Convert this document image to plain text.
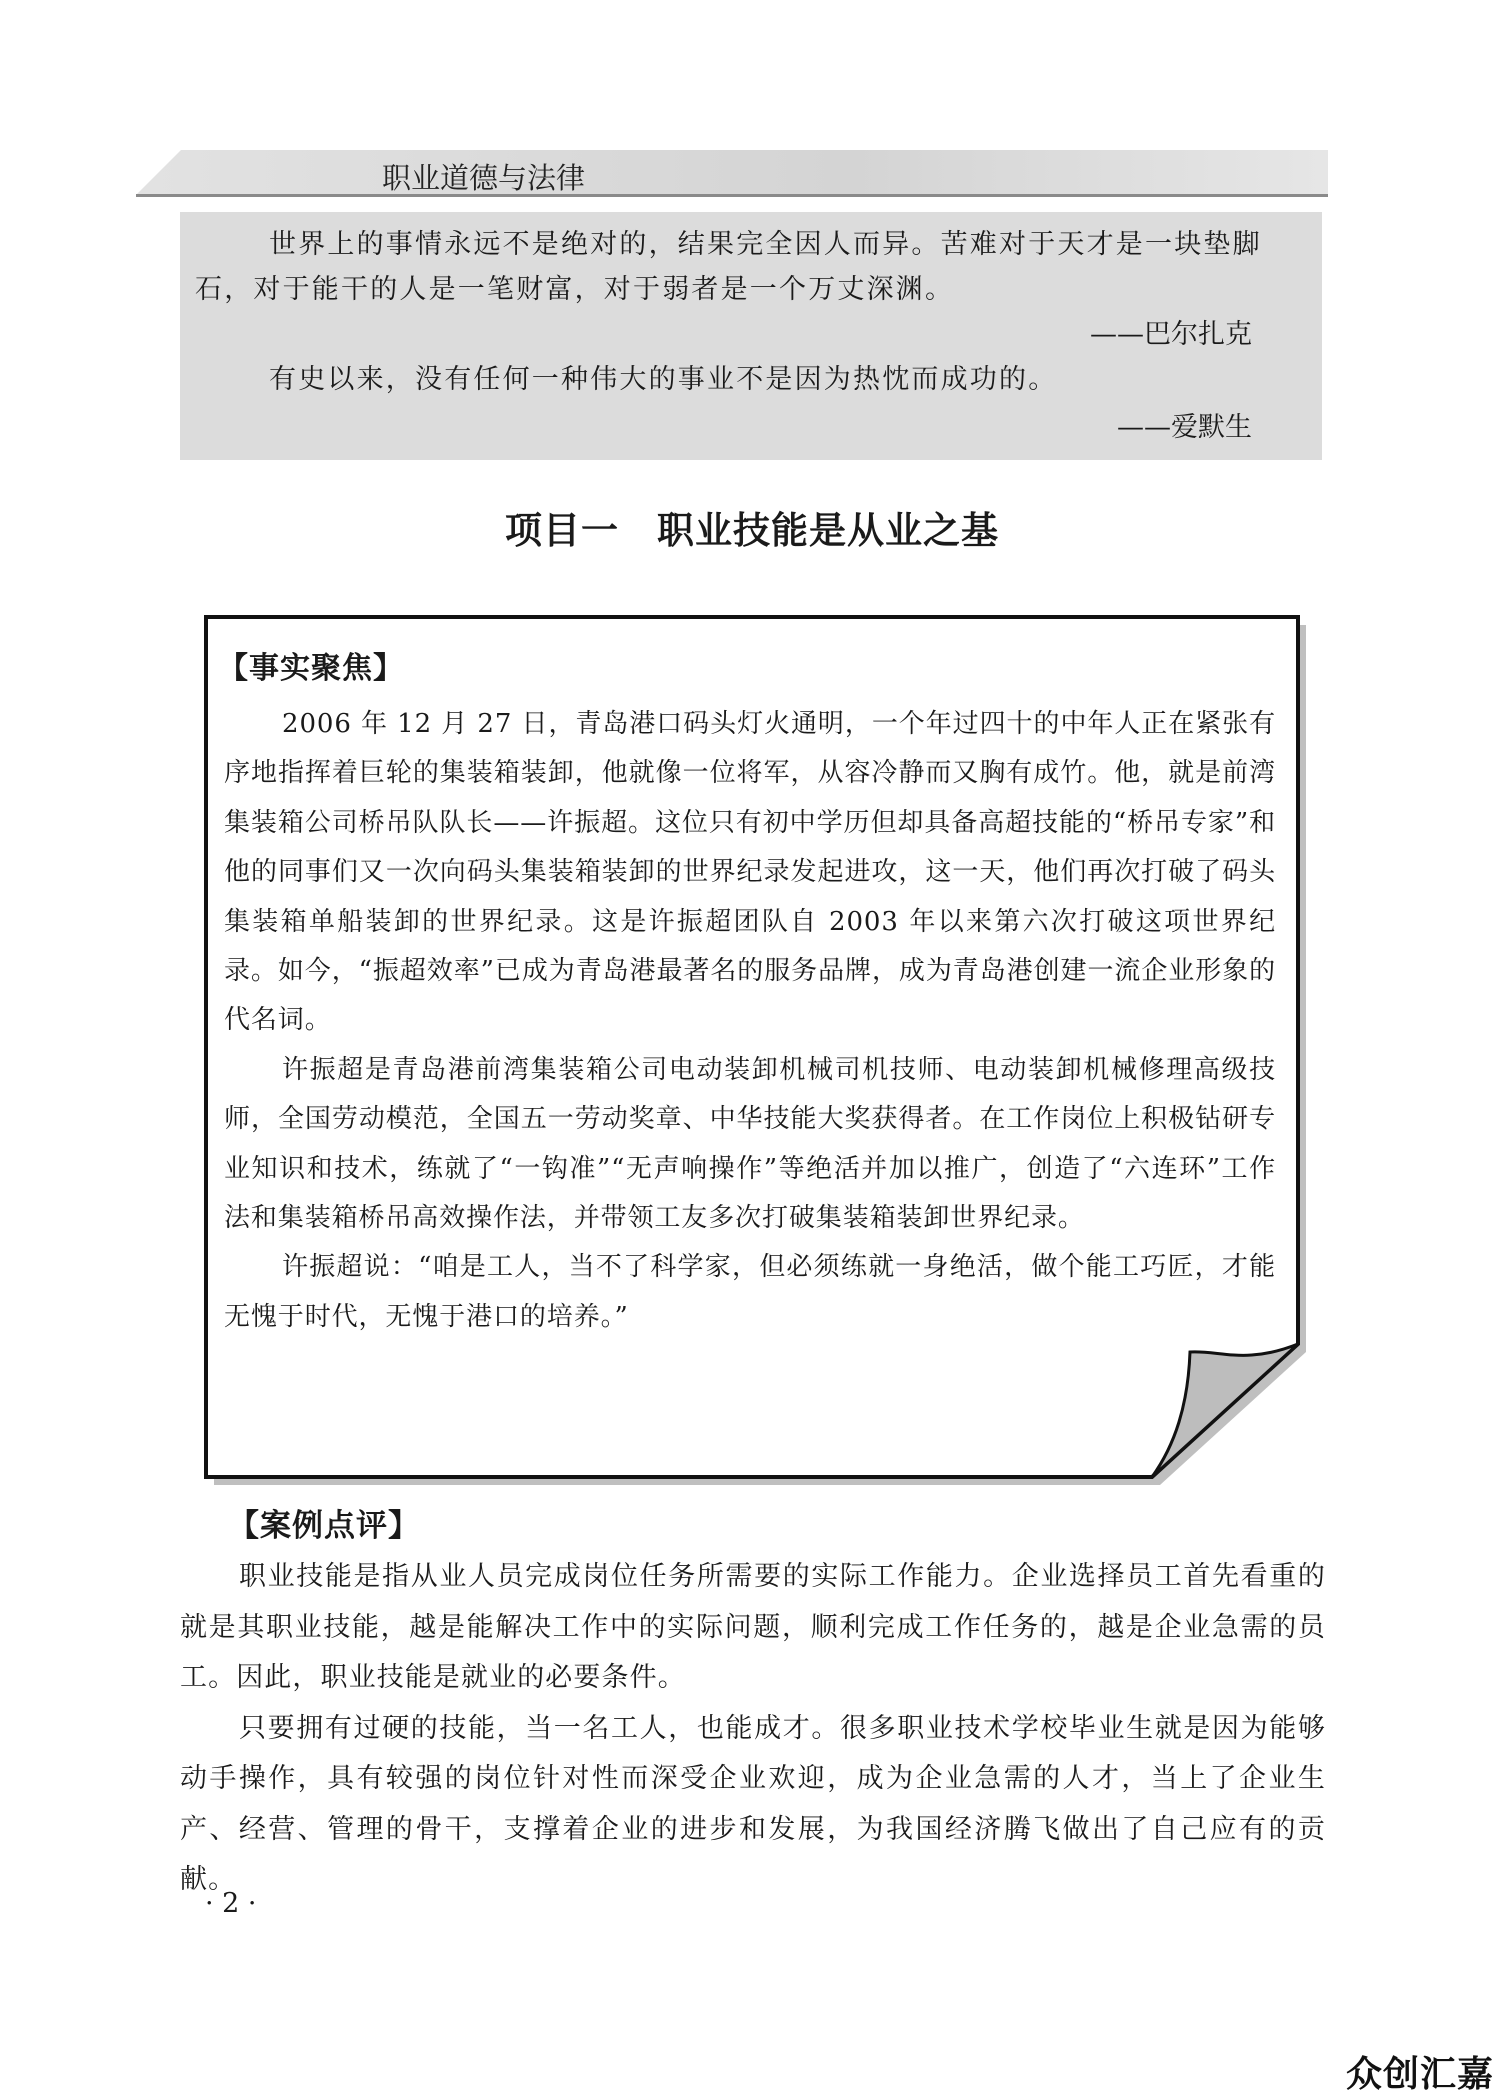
职业道德与法律

世界上的事情永远不是绝对的，结果完全因人而异。苦难对于天才是一块垫脚石，对于能干的人是一笔财富，对于弱者是一个万丈深渊。

——巴尔扎克

有史以来，没有任何一种伟大的事业不是因为热忱而成功的。

——爱默生

项目一　职业技能是从业之基
【事实聚焦】

2006 年 12 月 27 日，青岛港口码头灯火通明，一个年过四十的中年人正在紧张有序地指挥着巨轮的集装箱装卸，他就像一位将军，从容冷静而又胸有成竹。他，就是前湾集装箱公司桥吊队队长——许振超。这位只有初中学历但却具备高超技能的“桥吊专家”和他的同事们又一次向码头集装箱装卸的世界纪录发起进攻，这一天，他们再次打破了码头集装箱单船装卸的世界纪录。这是许振超团队自 2003 年以来第六次打破这项世界纪录。如今，“振超效率”已成为青岛港最著名的服务品牌，成为青岛港创建一流企业形象的代名词。

许振超是青岛港前湾集装箱公司电动装卸机械司机技师、电动装卸机械修理高级技师，全国劳动模范，全国五一劳动奖章、中华技能大奖获得者。在工作岗位上积极钻研专业知识和技术，练就了“一钩准”“无声响操作”等绝活并加以推广，创造了“六连环”工作法和集装箱桥吊高效操作法，并带领工友多次打破集装箱装卸世界纪录。

许振超说：“咱是工人，当不了科学家，但必须练就一身绝活，做个能工巧匠，才能无愧于时代，无愧于港口的培养。”

【案例点评】

职业技能是指从业人员完成岗位任务所需要的实际工作能力。企业选择员工首先看重的就是其职业技能，越是能解决工作中的实际问题，顺利完成工作任务的，越是企业急需的员工。因此，职业技能是就业的必要条件。

只要拥有过硬的技能，当一名工人，也能成才。很多职业技术学校毕业生就是因为能够动手操作，具有较强的岗位针对性而深受企业欢迎，成为企业急需的人才，当上了企业生产、经营、管理的骨干，支撑着企业的进步和发展，为我国经济腾飞做出了自己应有的贡献。

· 2 ·
众创汇嘉
